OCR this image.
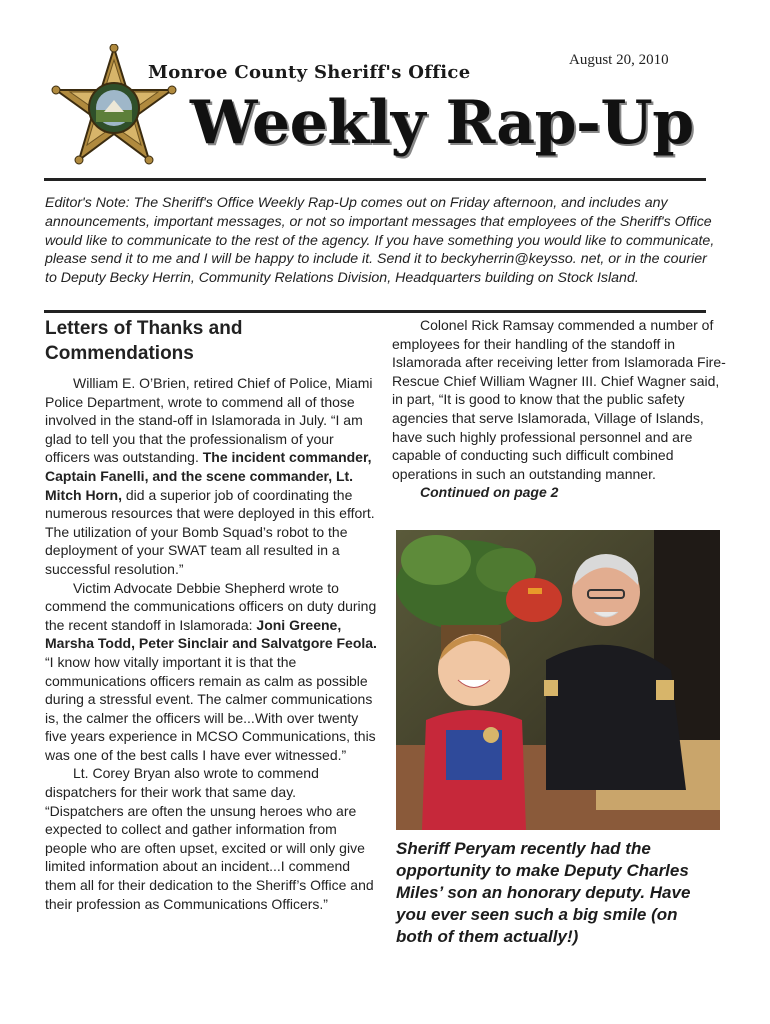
Monroe County Sheriff's Office
August 20, 2010
Weekly Rap-Up

Editor's Note: The Sheriff's Office Weekly Rap-Up comes out on Friday afternoon, and includes any announcements, important messages, or not so important messages that employees of the Sheriff's Office would like to communicate to the rest of the agency. If you have something you would like to communicate, please send it to me and I will be happy to include it. Send it to beckyherrin@keysso. net, or in the courier to Deputy Becky Herrin, Community Relations Division, Headquarters building on Stock Island.

Letters of Thanks and Commendations

William E. O’Brien, retired Chief of Police, Miami Police Department, wrote to commend all of those involved in the stand-off in Islamorada in July. “I am glad to tell you that the professionalism of your officers was outstanding. The incident commander, Captain Fanelli, and the scene commander, Lt. Mitch Horn, did a superior job of coordinating the numerous resources that were deployed in this effort. The utilization of your Bomb Squad’s robot to the deployment of your SWAT team all resulted in a successful resolution.”

Victim Advocate Debbie Shepherd wrote to commend the communications officers on duty during the recent standoff in Islamorada: Joni Greene, Marsha Todd, Peter Sinclair and Salvatgore Feola. “I know how vitally important it is that the communications officers remain as calm as possible during a stressful event. The calmer communications is, the calmer the officers will be...With over twenty five years experience in MCSO Communications, this was one of the best calls I have ever witnessed.”

Lt. Corey Bryan also wrote to commend dispatchers for their work that same day. “Dispatchers are often the unsung heroes who are expected to collect and gather information from people who are often upset, excited or will only give limited information about an incident...I commend them all for their dedication to the Sheriff’s Office and their profession as Communications Officers.”

Colonel Rick Ramsay commended a number of employees for their handling of the standoff in Islamorada after receiving letter from Islamorada Fire-Rescue Chief William Wagner III. Chief Wagner said, in part, “It is good to know that the public safety agencies that serve Islamorada, Village of Islands, have such highly professional personnel and are capable of conducting such difficult combined operations in such an outstanding manner.

Continued on page 2

Sheriff Peryam recently had the opportunity to make Deputy Charles Miles’ son an honorary deputy. Have you ever seen such a big smile (on both of them actually!)
